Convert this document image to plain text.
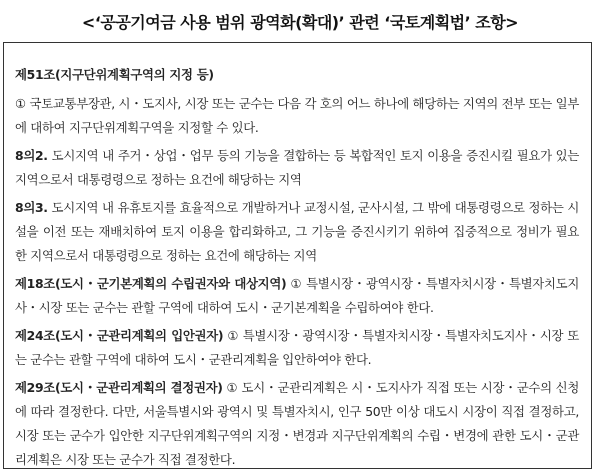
<‘공공기여금 사용 범위 광역화(확대)’ 관련 ‘국토계획법’ 조항>

제51조(지구단위계획구역의 지정 등)

① 국토교통부장관, 시・도지사, 시장 또는 군수는 다음 각 호의 어느 하나에 해당하는 지역의 전부 또는 일부에 대하여 지구단위계획구역을 지정할 수 있다.

8의2. 도시지역 내 주거・상업・업무 등의 기능을 결합하는 등 복합적인 토지 이용을 증진시킬 필요가 있는 지역으로서 대통령령으로 정하는 요건에 해당하는 지역

8의3. 도시지역 내 유휴토지를 효율적으로 개발하거나 교정시설, 군사시설, 그 밖에 대통령령으로 정하는 시설을 이전 또는 재배치하여 토지 이용을 합리화하고, 그 기능을 증진시키기 위하여 집중적으로 정비가 필요한 지역으로서 대통령령으로 정하는 요건에 해당하는 지역

제18조(도시・군기본계획의 수립권자와 대상지역) ① 특별시장・광역시장・특별자치시장・특별자치도지사・시장 또는 군수는 관할 구역에 대하여 도시・군기본계획을 수립하여야 한다.

제24조(도시・군관리계획의 입안권자) ① 특별시장・광역시장・특별자치시장・특별자치도지사・시장 또는 군수는 관할 구역에 대하여 도시・군관리계획을 입안하여야 한다.

제29조(도시・군관리계획의 결정권자) ① 도시・군관리계획은 시・도지사가 직접 또는 시장・군수의 신청에 따라 결정한다. 다만, 서울특별시와 광역시 및 특별자치시, 인구 50만 이상 대도시 시장이 직접 결정하고, 시장 또는 군수가 입안한 지구단위계획구역의 지정・변경과 지구단위계획의 수립・변경에 관한 도시・군관리계획은 시장 또는 군수가 직접 결정한다.
